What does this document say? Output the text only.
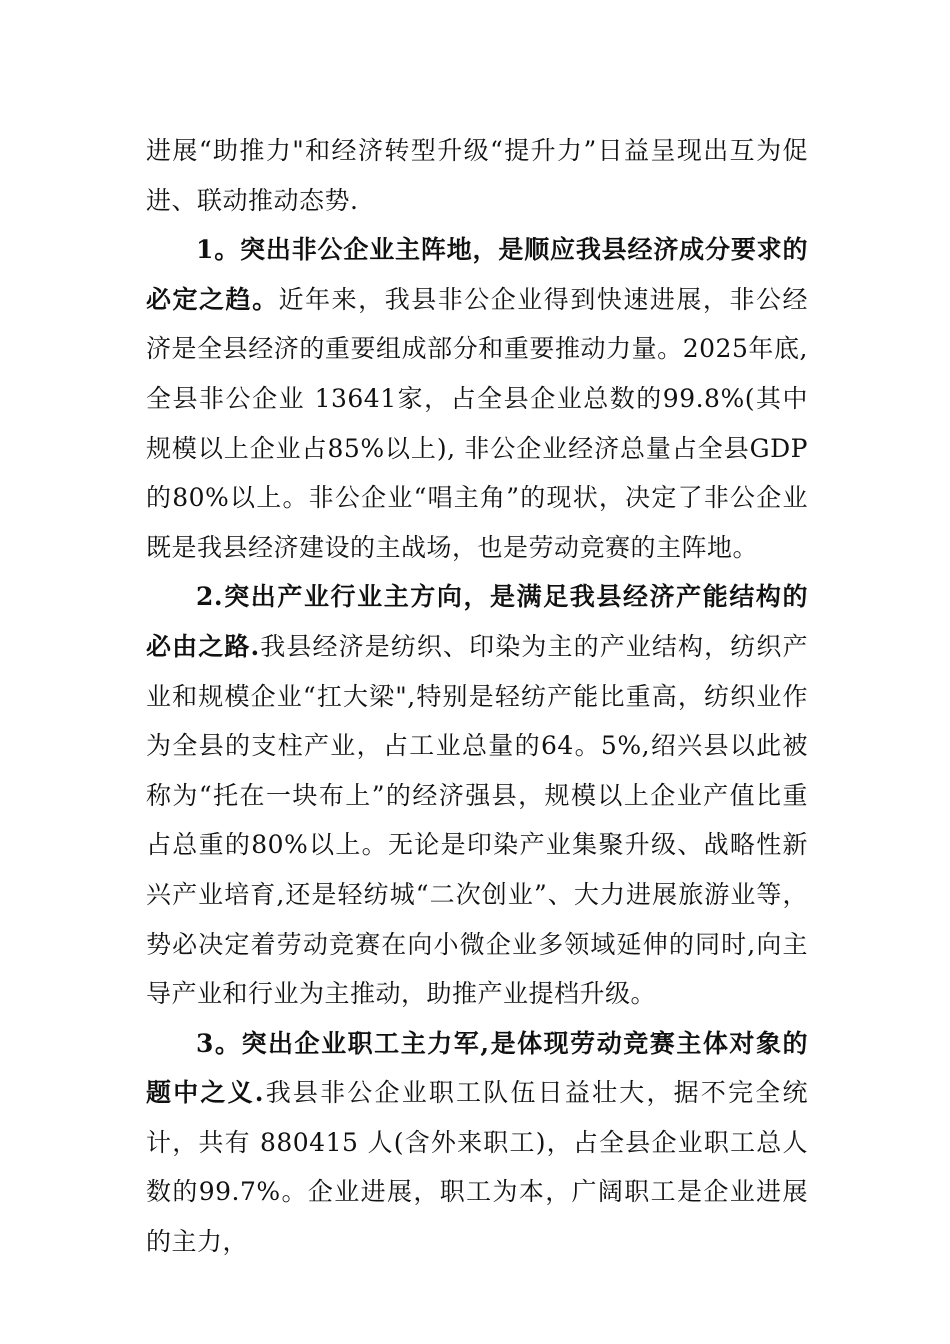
进展“助推力"和经济转型升级“提升力”日益呈现出互为促进、联动推动态势.

1。突出非公企业主阵地，是顺应我县经济成分要求的必定之趋。近年来，我县非公企业得到快速进展，非公经济是全县经济的重要组成部分和重要推动力量。2025年底,全县非公企业 13641家，占全县企业总数的99.8%(其中规模以上企业占85%以上), 非公企业经济总量占全县GDP的80%以上。非公企业“唱主角”的现状，决定了非公企业既是我县经济建设的主战场，也是劳动竞赛的主阵地。

2.突出产业行业主方向，是满足我县经济产能结构的必由之路.我县经济是纺织、印染为主的产业结构，纺织产业和规模企业“扛大梁",特别是轻纺产能比重高，纺织业作为全县的支柱产业，占工业总量的64。5%,绍兴县以此被称为“托在一块布上”的经济强县，规模以上企业产值比重占总重的80%以上。无论是印染产业集聚升级、战略性新兴产业培育,还是轻纺城“二次创业”、大力进展旅游业等，势必决定着劳动竞赛在向小微企业多领域延伸的同时,向主导产业和行业为主推动，助推产业提档升级。

3。突出企业职工主力军,是体现劳动竞赛主体对象的题中之义.我县非公企业职工队伍日益壮大，据不完全统计，共有 880415 人(含外来职工)，占全县企业职工总人数的99.7%。企业进展，职工为本，广阔职工是企业进展的主力，
